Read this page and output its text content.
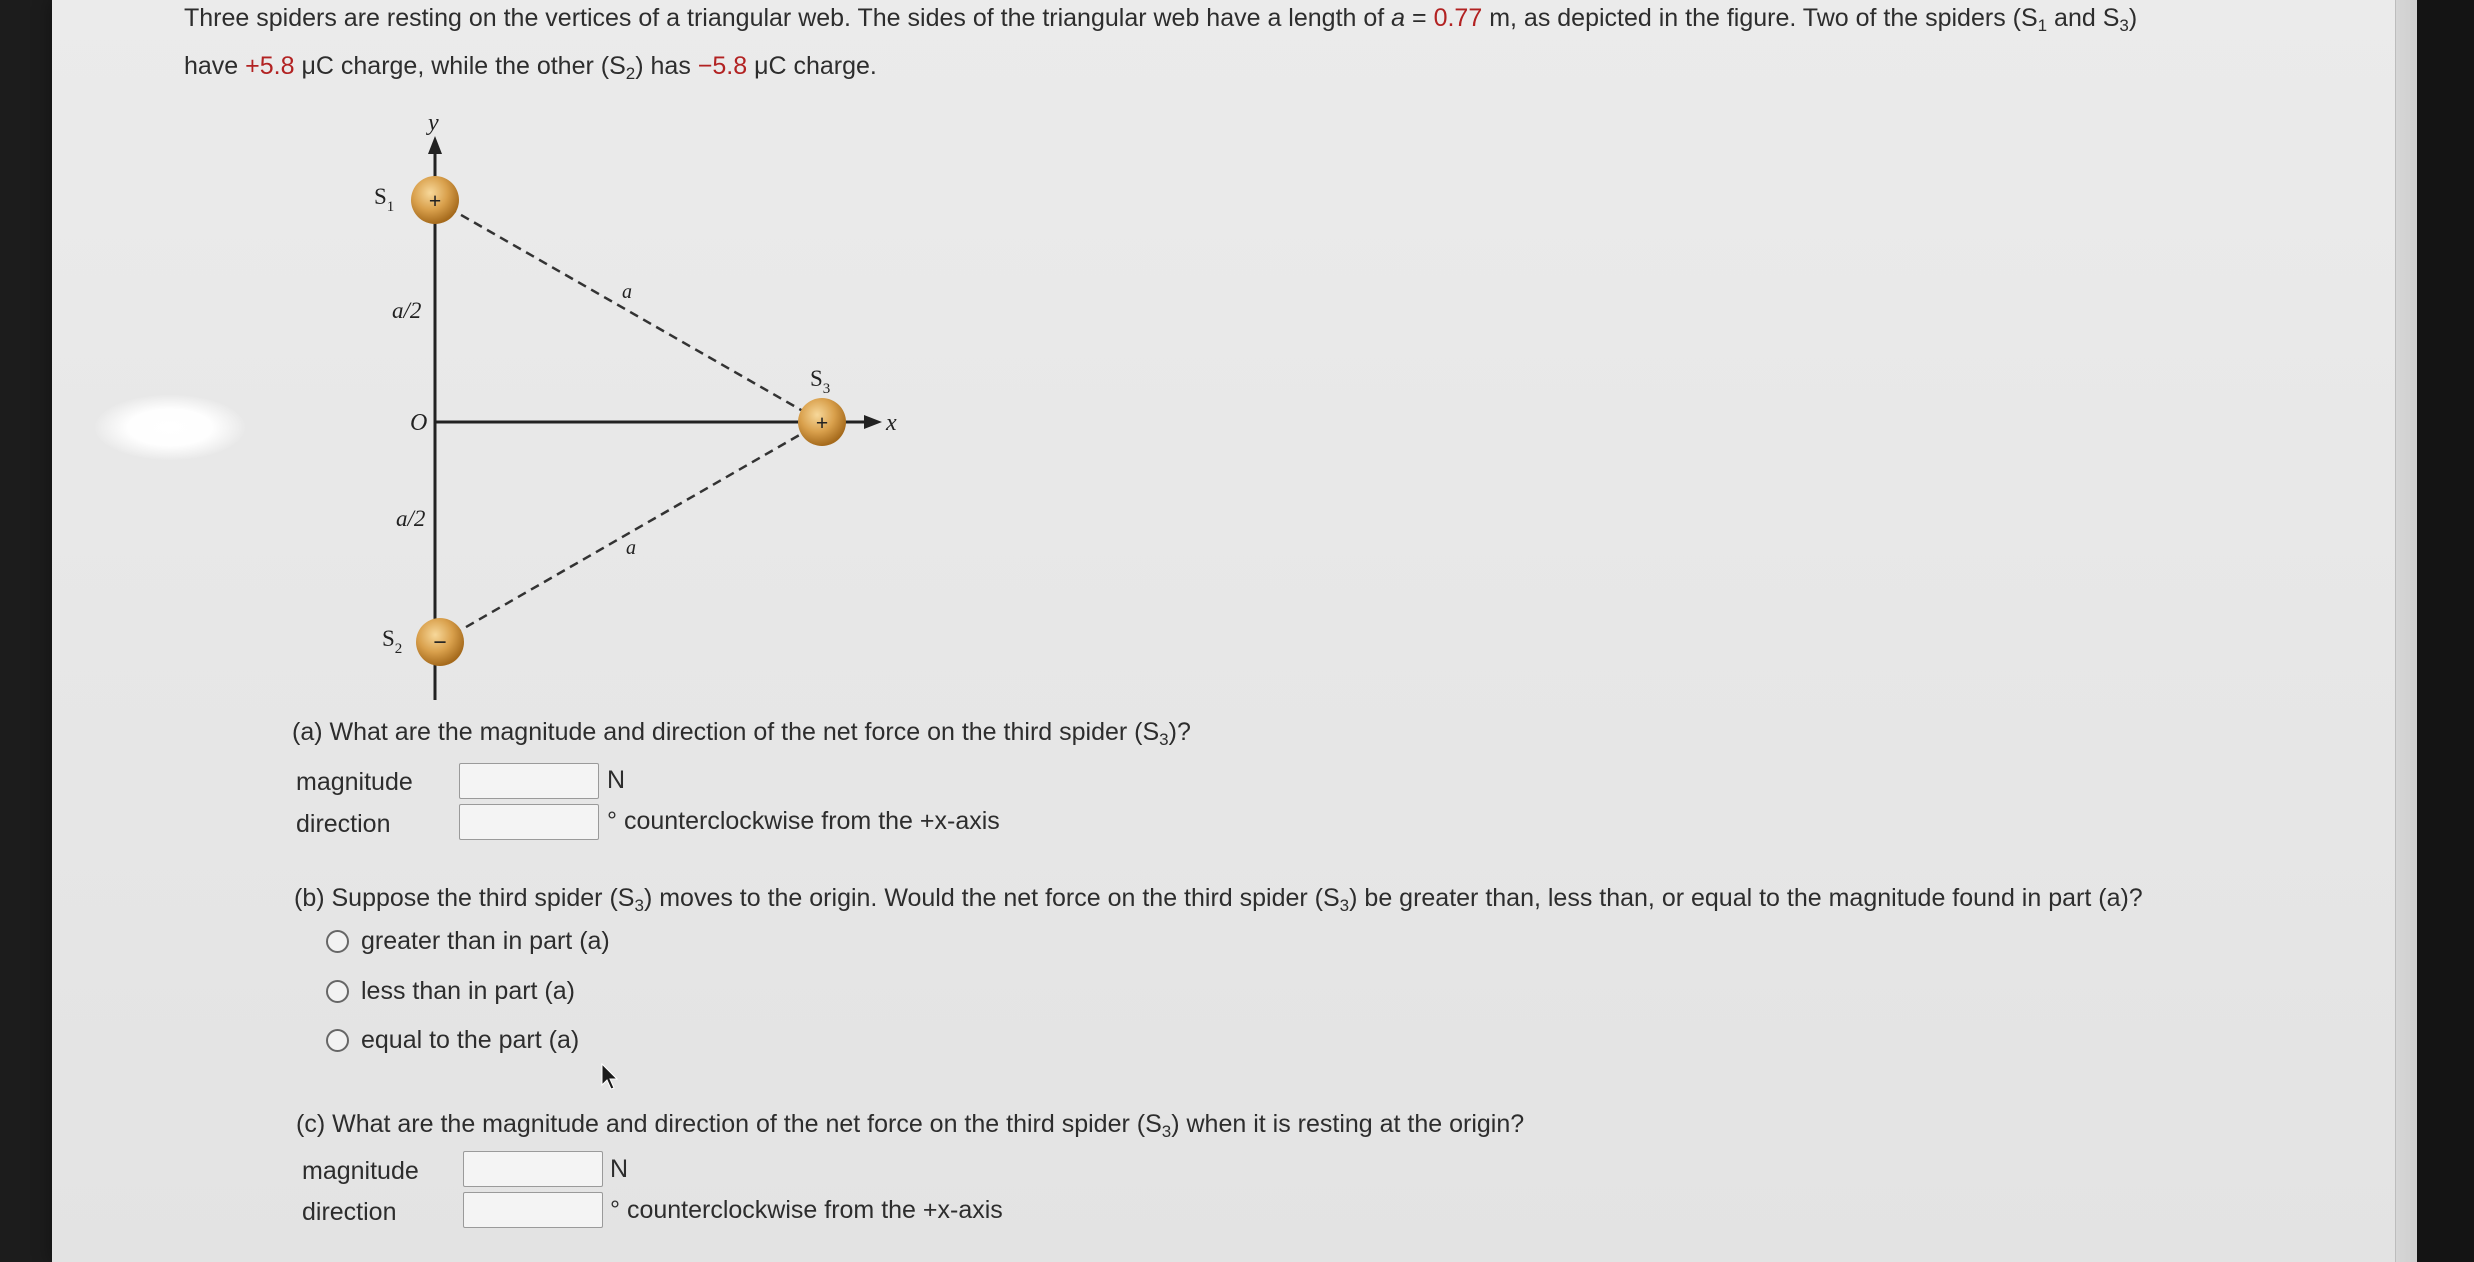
Three spiders are resting on the vertices of a triangular web. The sides of the triangular web have a length of a = 0.77 m, as depicted in the figure. Two of the spiders ($S_1$ and $S_3$)
have +5.8 μC charge, while the other $(S_2)$ has −5.8 μC charge.
y
x
O
a/2
a/2
a
a
$S_1$ +
$S_2$ −
$S_3$
+
(a) What are the magnitude and direction of the net force on the third spider $(S_3)$?
magnitude	N
direction	° counterclockwise from the +x-axis
(b) Suppose the third spider $(S_3)$ moves to the origin. Would the net force on the third spider $(S_3)$ be greater than, less than, or equal to the magnitude found in part (a)?
greater than in part (a)
less than in part (a)
equal to the part (a)
(c) What are the magnitude and direction of the net force on the third spider $(S_3)$ when it is resting at the origin?
magnitude	N
direction	° counterclockwise from the +x-axis
